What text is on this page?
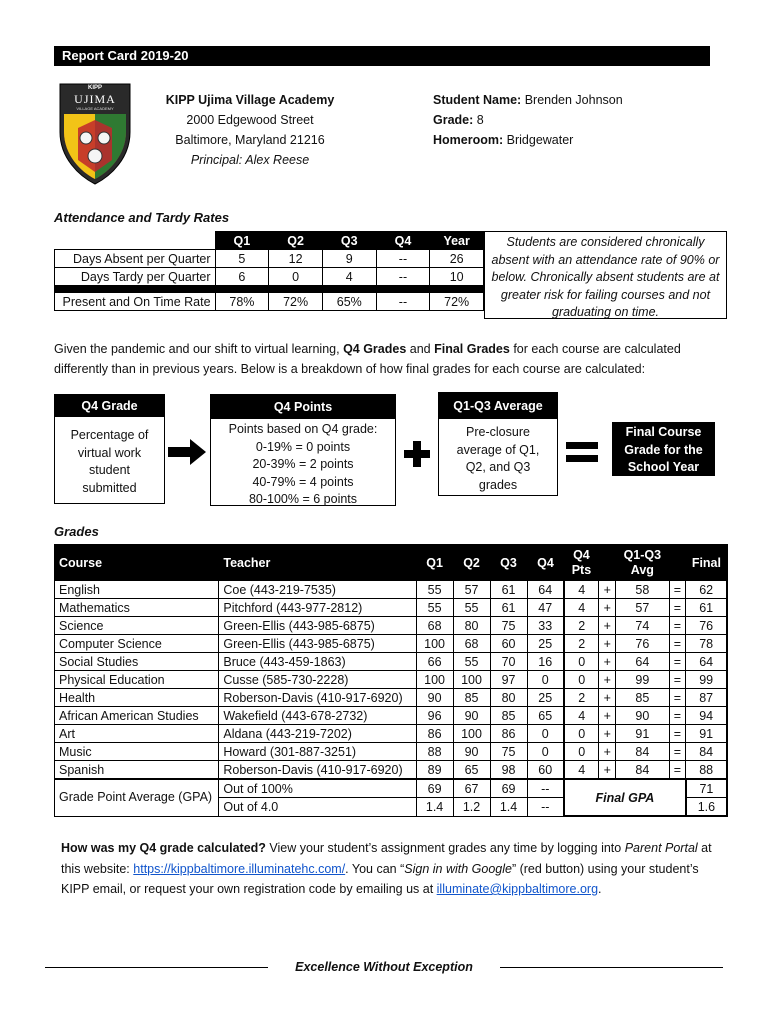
Report Card 2019-20
KIPP
UJIMA
VILLAGE ACADEMY
KIPP Ujima Village Academy
2000 Edgewood Street
Baltimore, Maryland 21216
Principal: Alex Reese
Student Name: Brenden Johnson
Grade: 8
Homeroom: Bridgewater
Attendance and Tardy Rates
	Q1	Q2	Q3	Q4	Year
Days Absent per Quarter	5	12	9	--	26
Days Tardy per Quarter	6	0	4	--	10

Present and On Time Rate	78%	72%	65%	--	72%
Students are considered chronically absent with an attendance rate of 90% or below. Chronically absent students are at greater risk for failing courses and not graduating on time.
Given the pandemic and our shift to virtual learning, Q4 Grades and Final Grades for each course are calculated differently than in previous years. Below is a breakdown of how final grades for each course are calculated:
Q4 Grade
Percentage of virtual work student submitted
Q4 Points
Points based on Q4 grade:
0-19% = 0 points
20-39% = 2 points
40-79% = 4 points
80-100% = 6 points
Q1-Q3 Average
Pre-closure average of Q1, Q2, and Q3 grades
Final Course Grade for the School Year
Grades
Course	Teacher	Q1	Q2	Q3	Q4	Q4 Pts	Q1-Q3 Avg			Final
English	Coe (443-219-7535)	55	57	61	64	4	+	58	=	62
Mathematics	Pitchford (443-977-2812)	55	55	61	47	4	+	57	=	61
Science	Green-Ellis (443-985-6875)	68	80	75	33	2	+	74	=	76
Computer Science	Green-Ellis (443-985-6875)	100	68	60	25	2	+	76	=	78
Social Studies	Bruce (443-459-1863)	66	55	70	16	0	+	64	=	64
Physical Education	Cusse (585-730-2228)	100	100	97	0	0	+	99	=	99
Health	Roberson-Davis (410-917-6920)	90	85	80	25	2	+	85	=	87
African American Studies	Wakefield (443-678-2732)	96	90	85	65	4	+	90	=	94
Art	Aldana (443-219-7202)	86	100	86	0	0	+	91	=	91
Music	Howard (301-887-3251)	88	90	75	0	0	+	84	=	84
Spanish	Roberson-Davis (410-917-6920)	89	65	98	60	4	+	84	=	88
Grade Point Average (GPA)	Out of 100%	69	67	69	--	Final GPA				71
	Out of 4.0	1.4	1.2	1.4	--					1.6
How was my Q4 grade calculated? View your student’s assignment grades any time by logging into Parent Portal at this website: https://kippbaltimore.illuminatehc.com/. You can “Sign in with Google” (red button) using your student’s KIPP email, or request your own registration code by emailing us at illuminate@kippbaltimore.org.
Excellence Without Exception
